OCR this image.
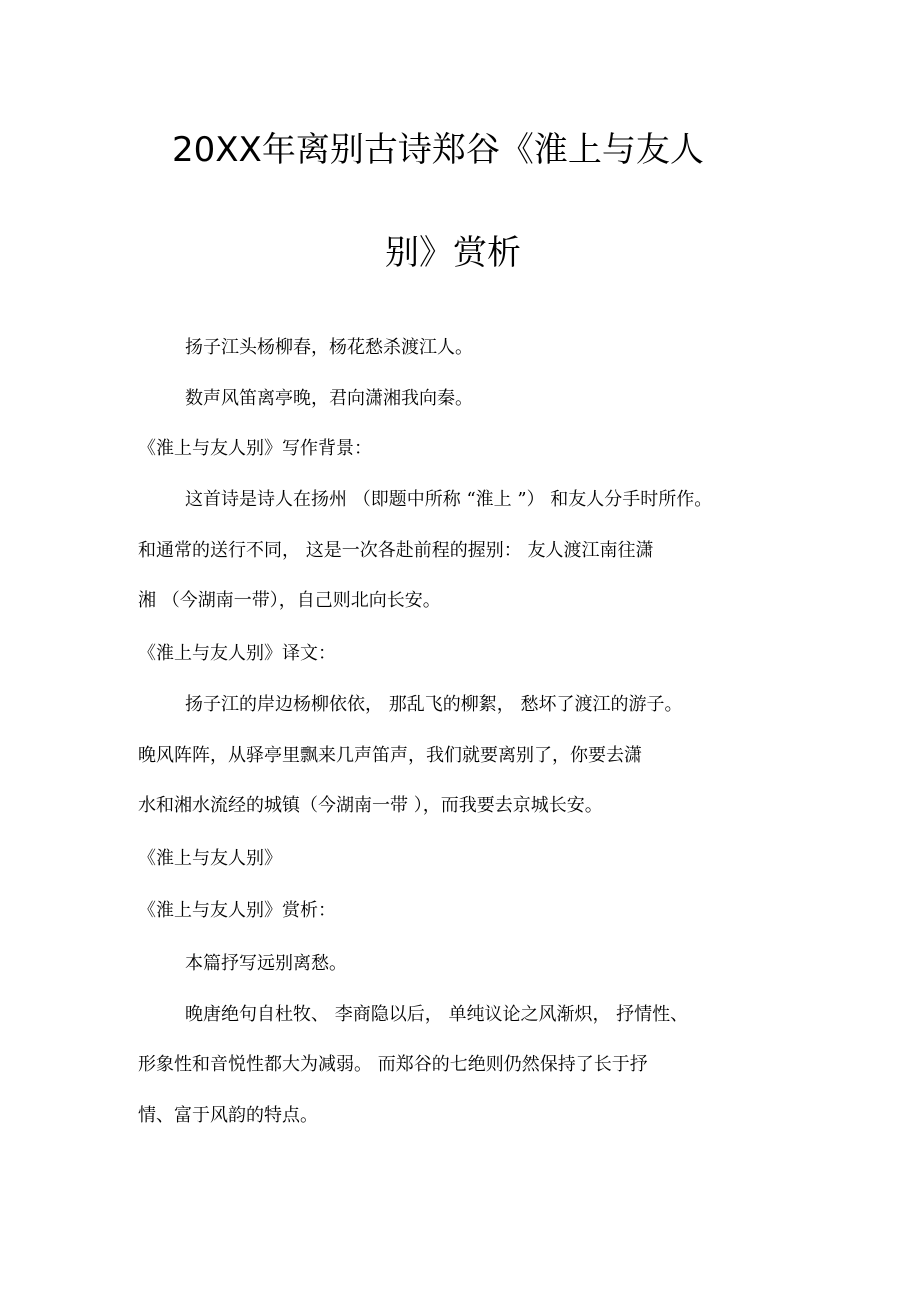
20XX年离别古诗郑谷《淮上与友人
别》赏析
扬子江头杨柳春，杨花愁杀渡江人。
数声风笛离亭晚，君向潇湘我向秦。
《淮上与友人别》写作背景：
这首诗是诗人在扬州 （即题中所称 “淮上 ”） 和友人分手时所作。
和通常的送行不同， 这是一次各赴前程的握别： 友人渡江南往潇
湘 （今湖南一带），自己则北向长安。
《淮上与友人别》译文：
扬子江的岸边杨柳依依， 那乱飞的柳絮， 愁坏了渡江的游子。
晚风阵阵，从驿亭里飘来几声笛声，我们就要离别了，你要去潇
水和湘水流经的城镇（今湖南一带 ），而我要去京城长安。
《淮上与友人别》
《淮上与友人别》赏析：
本篇抒写远别离愁。
晚唐绝句自杜牧、 李商隐以后， 单纯议论之风渐炽， 抒情性、
形象性和音悦性都大为减弱。 而郑谷的七绝则仍然保持了长于抒
情、富于风韵的特点。
